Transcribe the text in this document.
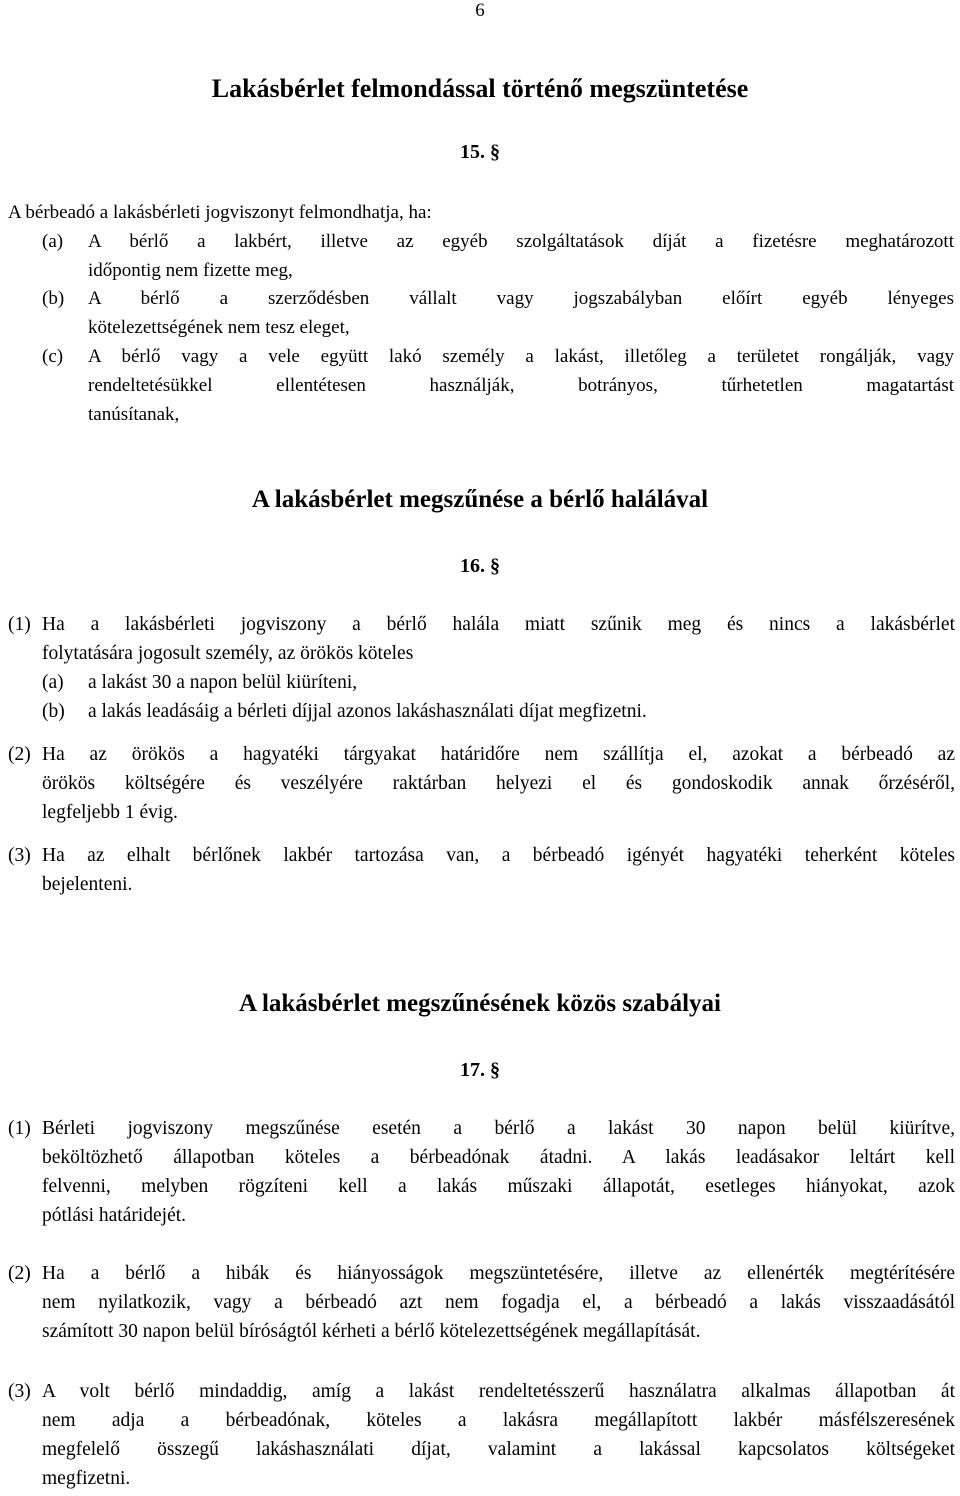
6
Lakásbérlet felmondással történő megszüntetése
15. §
A bérbeadó a lakásbérleti jogviszonyt felmondhatja, ha:
(a) A bérlő a lakbért, illetve az egyéb szolgáltatások díját a fizetésre meghatározott
időpontig nem fizette meg,
(b) A bérlő a szerződésben vállalt vagy jogszabályban előírt egyéb lényeges
kötelezettségének nem tesz eleget,
(c) A bérlő vagy a vele együtt lakó személy a lakást, illetőleg a területet rongálják, vagy
rendeltetésükkel ellentétesen használják, botrányos, tűrhetetlen magatartást
tanúsítanak,
A lakásbérlet megszűnése a bérlő halálával
16. §
(1) Ha a lakásbérleti jogviszony a bérlő halála miatt szűnik meg és nincs a lakásbérlet
folytatására jogosult személy, az örökös köteles
(a) a lakást 30 a napon belül kiüríteni,
(b) a lakás leadásáig a bérleti díjjal azonos lakáshasználati díjat megfizetni.
(2) Ha az örökös a hagyatéki tárgyakat határidőre nem szállítja el, azokat a bérbeadó az
örökös költségére és veszélyére raktárban helyezi el és gondoskodik annak őrzéséről,
legfeljebb 1 évig.
(3) Ha az elhalt bérlőnek lakbér tartozása van, a bérbeadó igényét hagyatéki teherként köteles
bejelenteni.
A lakásbérlet megszűnésének közös szabályai
17. §
(1) Bérleti jogviszony megszűnése esetén a bérlő a lakást 30 napon belül kiürítve,
beköltözhető állapotban köteles a bérbeadónak átadni. A lakás leadásakor leltárt kell
felvenni, melyben rögzíteni kell a lakás műszaki állapotát, esetleges hiányokat, azok
pótlási határidejét.
(2) Ha a bérlő a hibák és hiányosságok megszüntetésére, illetve az ellenérték megtérítésére
nem nyilatkozik, vagy a bérbeadó azt nem fogadja el, a bérbeadó a lakás visszaadásától
számított 30 napon belül bíróságtól kérheti a bérlő kötelezettségének megállapítását.
(3) A volt bérlő mindaddig, amíg a lakást rendeltetésszerű használatra alkalmas állapotban át
nem adja a bérbeadónak, köteles a lakásra megállapított lakbér másfélszeresének
megfelelő összegű lakáshasználati díjat, valamint a lakással kapcsolatos költségeket
megfizetni.
